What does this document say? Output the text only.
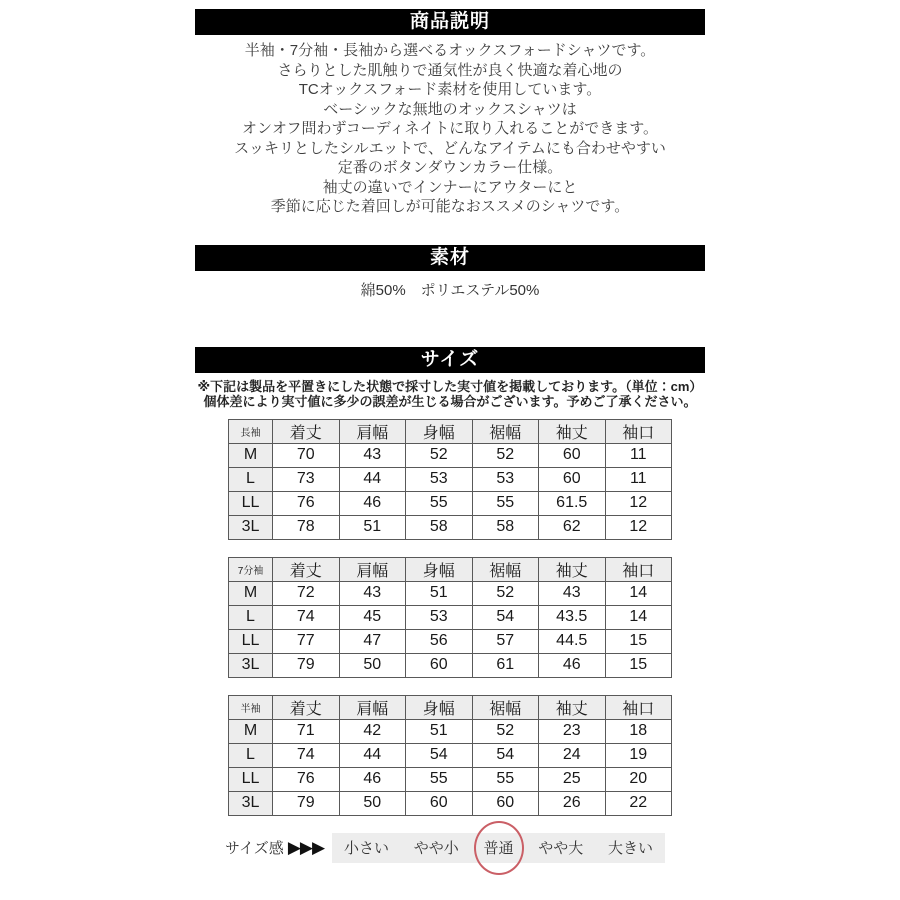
商品説明
半袖・7分袖・長袖から選べるオックスフォードシャツです。
さらりとした肌触りで通気性が良く快適な着心地の
TCオックスフォード素材を使用しています。
ベーシックな無地のオックスシャツは
オンオフ問わずコーディネイトに取り入れることができます。
スッキリとしたシルエットで、どんなアイテムにも合わせやすい
定番のボタンダウンカラー仕様。
袖丈の違いでインナーにアウターにと
季節に応じた着回しが可能なおススメのシャツです。
素材
綿50%　ポリエステル50%
サイズ
※下記は製品を平置きにした状態で採寸した実寸値を掲載しております。（単位：cm）
個体差により実寸値に多少の誤差が生じる場合がございます。予めご了承ください。
長袖	着丈	肩幅	身幅	裾幅	袖丈	袖口
M	70	43	52	52	60	11
L	73	44	53	53	60	11
LL	76	46	55	55	61.5	12
3L	78	51	58	58	62	12
7分袖	着丈	肩幅	身幅	裾幅	袖丈	袖口
M	72	43	51	52	43	14
L	74	45	53	54	43.5	14
LL	77	47	56	57	44.5	15
3L	79	50	60	61	46	15
半袖	着丈	肩幅	身幅	裾幅	袖丈	袖口
M	71	42	51	52	23	18
L	74	44	54	54	24	19
LL	76	46	55	55	25	20
3L	79	50	60	60	26	22
サイズ感 ▶▶▶ 小さい やや小 普通 やや大 大きい
